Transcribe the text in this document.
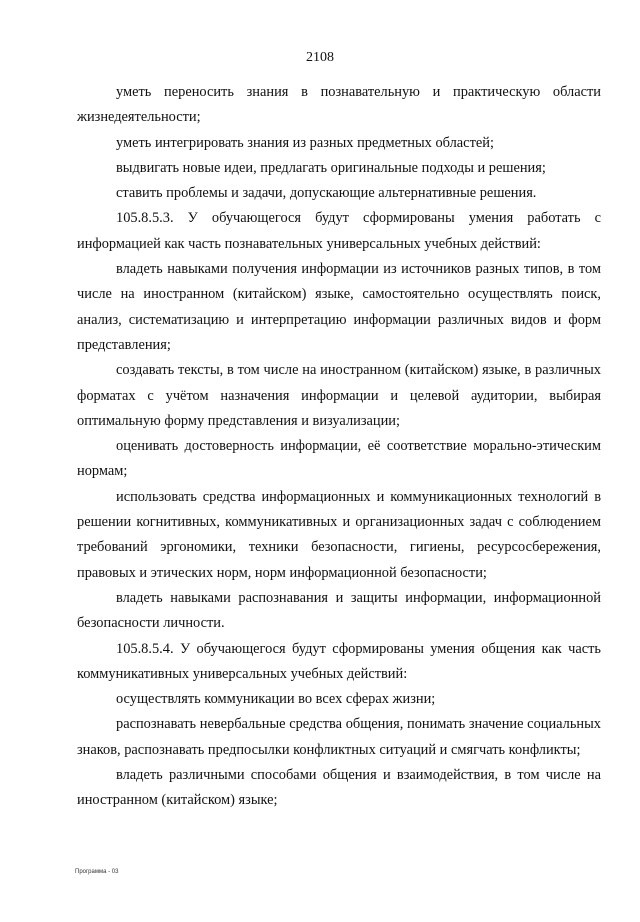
2108

уметь переносить знания в познавательную и практическую области жизнедеятельности;

уметь интегрировать знания из разных предметных областей;

выдвигать новые идеи, предлагать оригинальные подходы и решения;

ставить проблемы и задачи, допускающие альтернативные решения.

105.8.5.3. У обучающегося будут сформированы умения работать с информацией как часть познавательных универсальных учебных действий:

владеть навыками получения информации из источников разных типов, в том числе на иностранном (китайском) языке, самостоятельно осуществлять поиск, анализ, систематизацию и интерпретацию информации различных видов и форм представления;

создавать тексты, в том числе на иностранном (китайском) языке, в различных форматах с учётом назначения информации и целевой аудитории, выбирая оптимальную форму представления и визуализации;

оценивать достоверность информации, её соответствие морально-этическим нормам;

использовать средства информационных и коммуникационных технологий в решении когнитивных, коммуникативных и организационных задач с соблюдением требований эргономики, техники безопасности, гигиены, ресурсосбережения, правовых и этических норм, норм информационной безопасности;

владеть навыками распознавания и защиты информации, информационной безопасности личности.

105.8.5.4. У обучающегося будут сформированы умения общения как часть коммуникативных универсальных учебных действий:

осуществлять коммуникации во всех сферах жизни;

распознавать невербальные средства общения, понимать значение социальных знаков, распознавать предпосылки конфликтных ситуаций и смягчать конфликты;

владеть различными способами общения и взаимодействия, в том числе на иностранном (китайском) языке;

Программа - 03
